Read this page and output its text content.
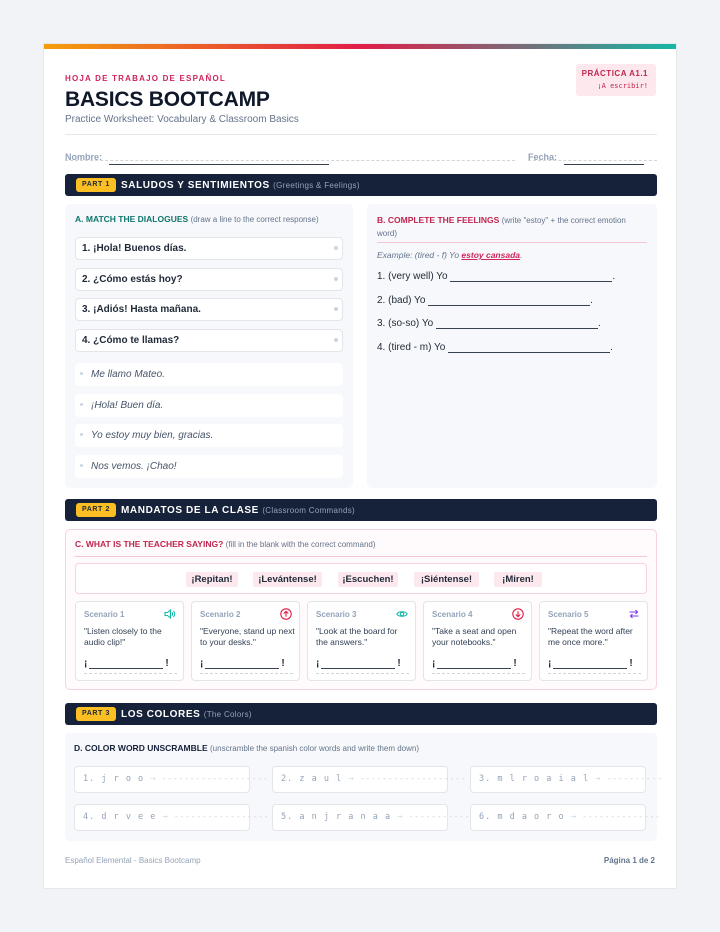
HOJA DE TRABAJO DE ESPAÑOL
BASICS BOOTCAMP
Practice Worksheet: Vocabulary & Classroom Basics
PRÁCTICA A1.1
¡A escribir!
Nombre:	Fecha:
PART 1	SALUDOS Y SENTIMIENTOS (Greetings & Feelings)
A. MATCH THE DIALOGUES (draw a line to the correct response)
1. ¡Hola! Buenos días.
2. ¿Cómo estás hoy?
3. ¡Adiós! Hasta mañana.
4. ¿Cómo te llamas?
Me llamo Mateo.
¡Hola! Buen día.
Yo estoy muy bien, gracias.
Nos vemos. ¡Chao!
B. COMPLETE THE FEELINGS (write "estoy" + the correct emotion word)
Example: (tired - f) Yo estoy cansada.
1. (very well) Yo	.
2. (bad) Yo	.
3. (so-so) Yo	.
4. (tired - m) Yo	.
PART 2	MANDATOS DE LA CLASE (Classroom Commands)
C. WHAT IS THE TEACHER SAYING? (fill in the blank with the correct command)
¡Repitan!	¡Levántense!	¡Escuchen!	¡Siéntense!	¡Miren!
Scenario 1
"Listen closely to the audio clip!"
¡	!
Scenario 2
"Everyone, stand up next to your desks."
¡	!
Scenario 3
"Look at the board for the answers."
¡	!
Scenario 4
"Take a seat and open your notebooks."
¡	!
Scenario 5
"Repeat the word after me once more."
¡	!
PART 3	LOS COLORES (The Colors)
D. COLOR WORD UNSCRAMBLE (unscramble the spanish color words and write them down)
1. j r o o → -------------------	2. z a u l → -------------------	3. m l r o a i a l → ----------
4. d r v e e → -----------------	5. a n j r a n a a → -----------	6. m d a o r o → --------------
Español Elemental - Basics Bootcamp	Página 1 de 2
